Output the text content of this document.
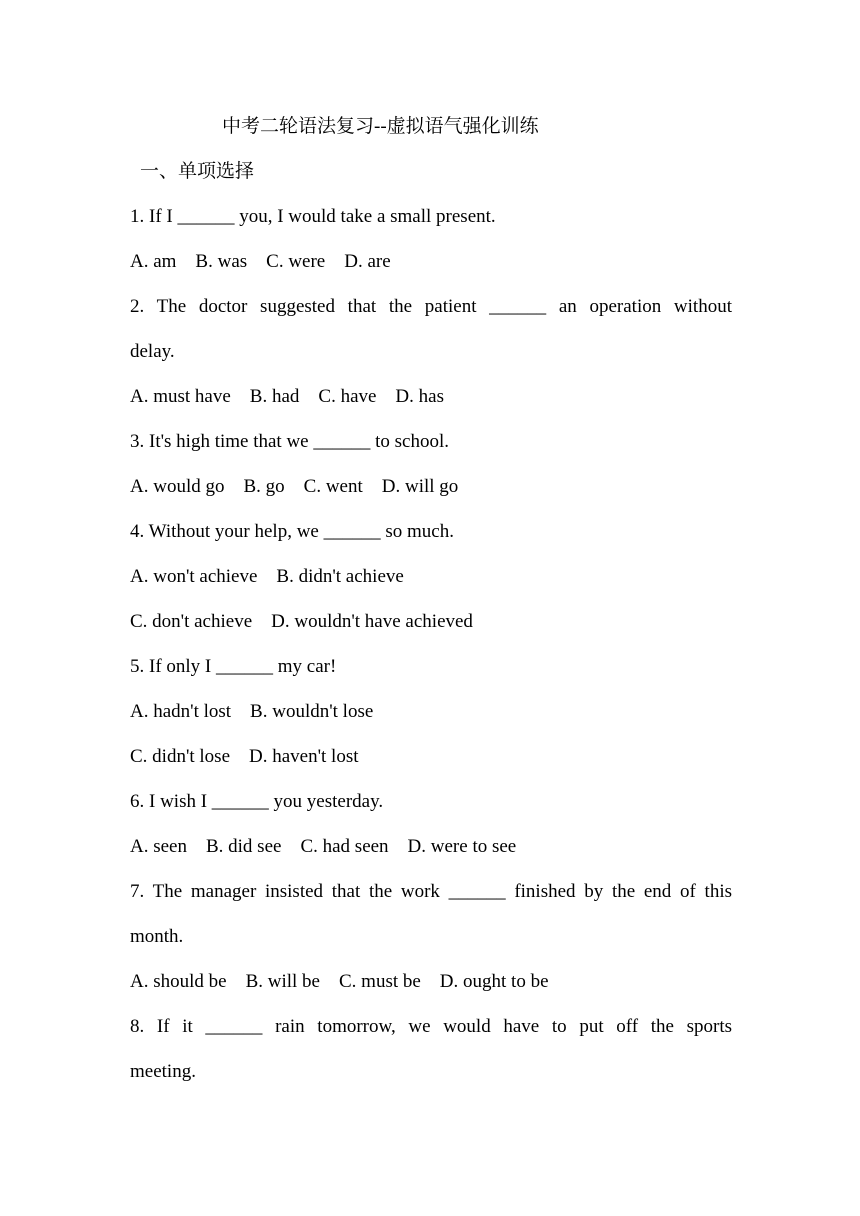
中考二轮语法复习--虚拟语气强化训练
一、单项选择
1. If I ______ you, I would take a small present.
A. am    B. was    C. were    D. are
2. The doctor suggested that the patient ______ an operation without
delay.
A. must have    B. had    C. have    D. has
3. It's high time that we ______ to school.
A. would go    B. go    C. went    D. will go
4. Without your help, we ______ so much.
A. won't achieve    B. didn't achieve
C. don't achieve    D. wouldn't have achieved
5. If only I ______ my car!
A. hadn't lost    B. wouldn't lose
C. didn't lose    D. haven't lost
6. I wish I ______ you yesterday.
A. seen    B. did see    C. had seen    D. were to see
7. The manager insisted that the work ______ finished by the end of this
month.
A. should be    B. will be    C. must be    D. ought to be
8. If it ______ rain tomorrow, we would have to put off the sports
meeting.
